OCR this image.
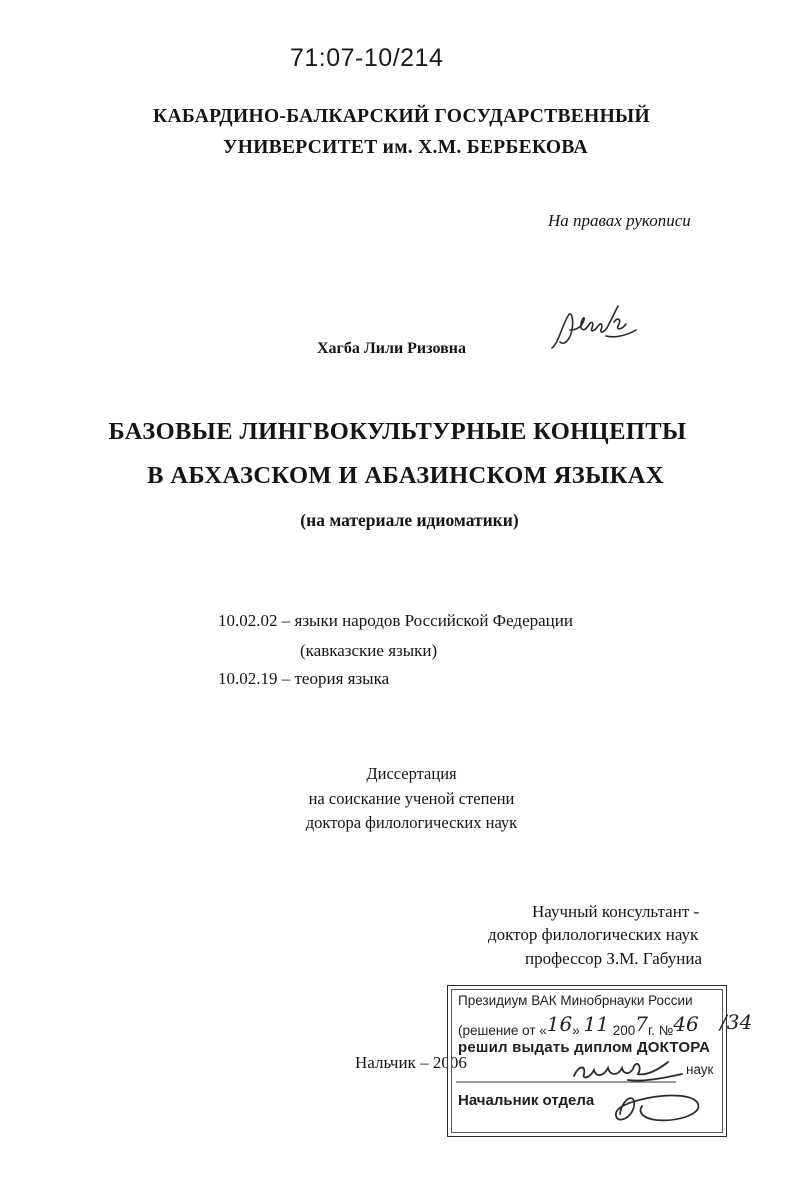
71:07-10/214
КАБАРДИНО-БАЛКАРСКИЙ ГОСУДАРСТВЕННЫЙ
УНИВЕРСИТЕТ им. Х.М. БЕРБЕКОВА
На правах рукописи
Хагба Лили Ризовна
БАЗОВЫЕ ЛИНГВОКУЛЬТУРНЫЕ КОНЦЕПТЫ
В АБХАЗСКОМ И АБАЗИНСКОМ ЯЗЫКАХ
(на материале идиоматики)
10.02.02 – языки народов Российской Федерации
(кавказские языки)
10.02.19 – теория языка
Диссертация
на соискание ученой степени
доктора филологических наук
Научный консультант -
доктор филологических наук
профессор З.М. Габуниа
Нальчик – 2006
Президиум ВАК Минобрнауки России
(решение от «16» 11 2007г. №46
решил выдать диплом ДОКТОРА
наук
Начальник отдела
/34
